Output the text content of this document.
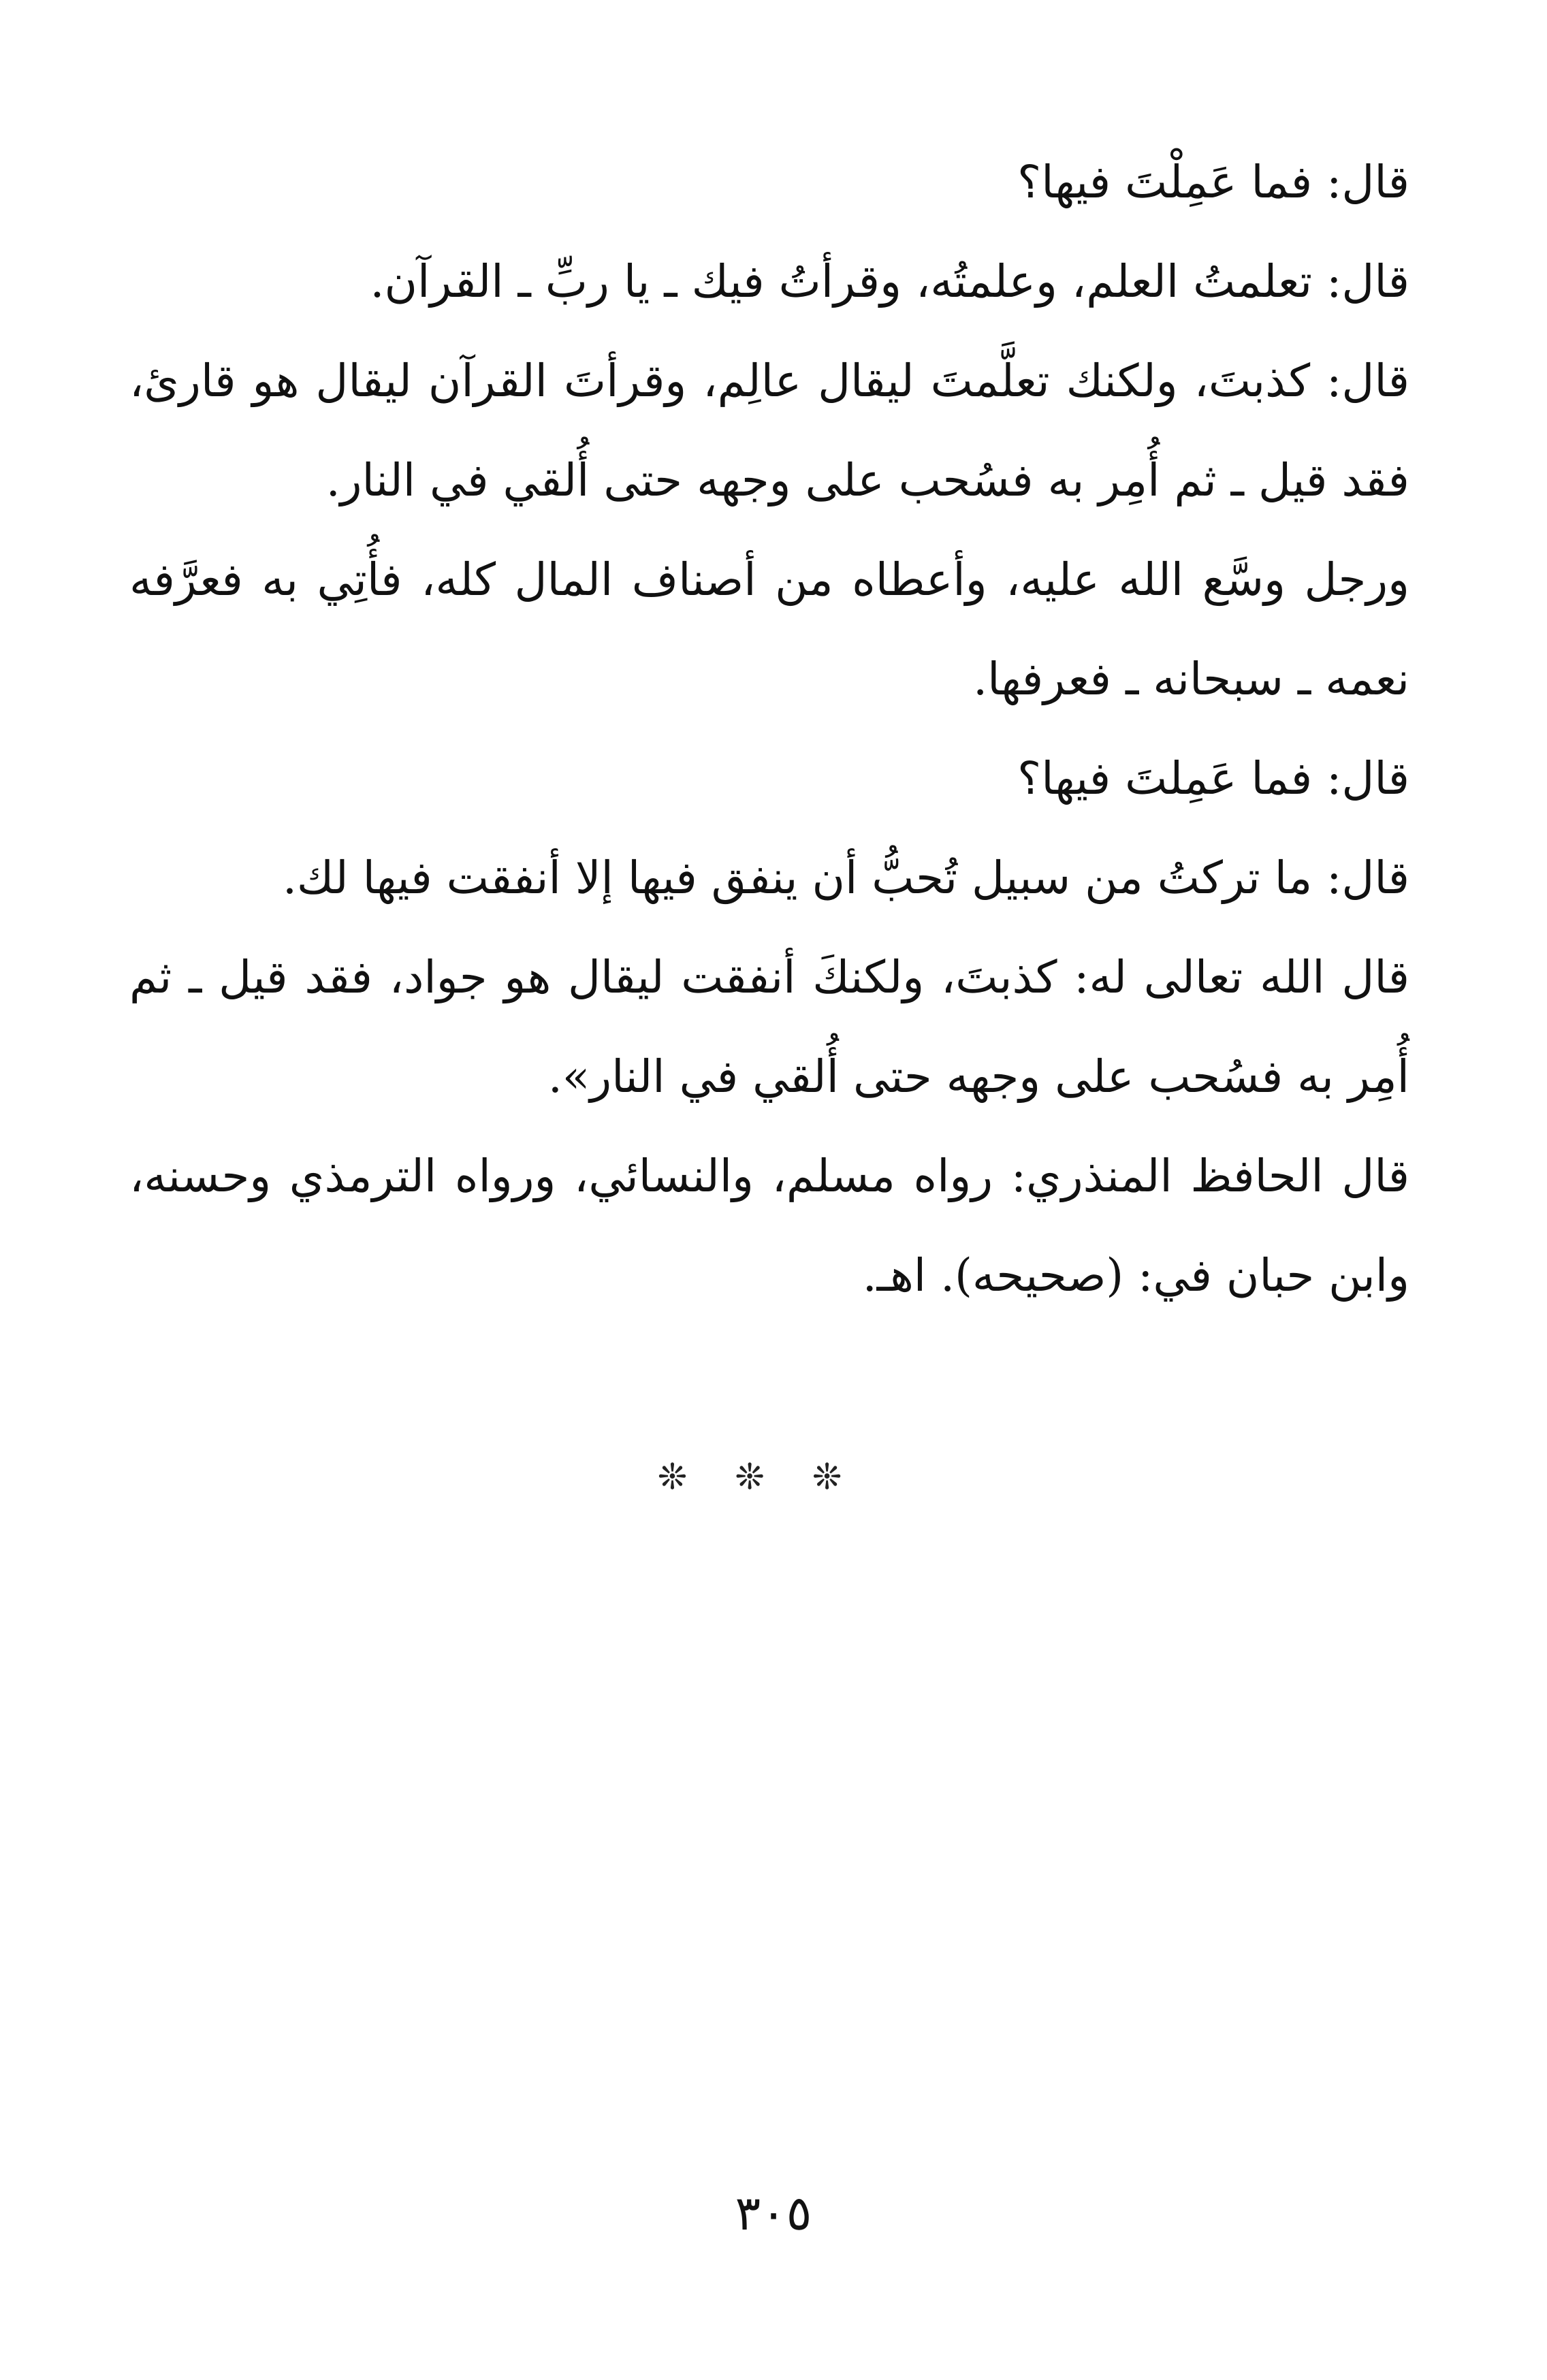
قال: فما عَمِلْتَ فيها؟

قال: تعلمتُ العلم، وعلمتُه، وقرأتُ فيك ـ يا ربِّ ـ القرآن.

قال: كذبتَ، ولكنك تعلَّمتَ ليقال عالِم، وقرأتَ القرآن ليقال هو قارئ، فقد قيل ـ ثم أُمِر به فسُحب على وجهه حتى أُلقي في النار.

ورجل وسَّع الله عليه، وأعطاه من أصناف المال كله، فأُتِي به فعرَّفه نعمه ـ سبحانه ـ فعرفها.

قال: فما عَمِلتَ فيها؟

قال: ما تركتُ من سبيل تُحبُّ أن ينفق فيها إلا أنفقت فيها لك.

قال الله تعالى له: كذبتَ، ولكنكَ أنفقت ليقال هو جواد، فقد قيل ـ ثم أُمِر به فسُحب على وجهه حتى أُلقي في النار».

قال الحافظ المنذري: رواه مسلم، والنسائي، ورواه الترمذي وحسنه، وابن حبان في: (صحيحه). اهـ.

❊❊❊
٣٠٥
